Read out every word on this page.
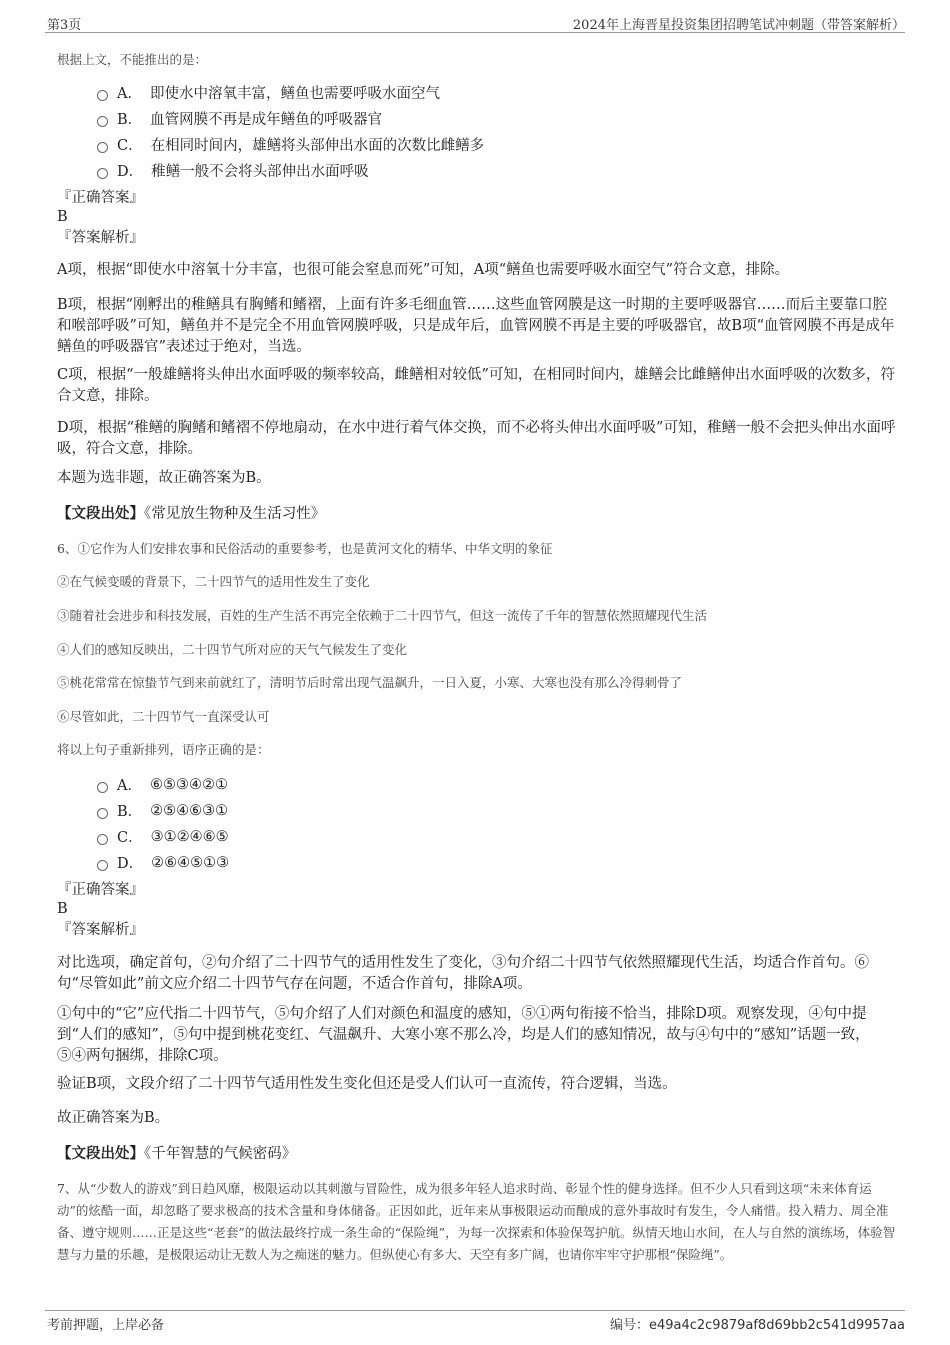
第3页	2024年上海晋星投资集团招聘笔试冲刺题（带答案解析）
根据上文，不能推出的是：
A． 即使水中溶氧丰富，鳝鱼也需要呼吸水面空气
B． 血管网膜不再是成年鳝鱼的呼吸器官
C． 在相同时间内，雄鳝将头部伸出水面的次数比雌鳝多
D． 稚鳝一般不会将头部伸出水面呼吸
『正确答案』
B
『答案解析』
A项，根据“即使水中溶氧十分丰富，也很可能会窒息而死”可知，A项“鳝鱼也需要呼吸水面空气”符合文意，排除。
B项，根据“刚孵出的稚鳝具有胸鳍和鳍褶，上面有许多毛细血管……这些血管网膜是这一时期的主要呼吸器官……而后主要靠口腔和喉部呼吸”可知，鳝鱼并不是完全不用血管网膜呼吸，只是成年后，血管网膜不再是主要的呼吸器官，故B项“血管网膜不再是成年鳝鱼的呼吸器官”表述过于绝对，当选。
C项，根据“一般雄鳝将头伸出水面呼吸的频率较高，雌鳝相对较低”可知，在相同时间内，雄鳝会比雌鳝伸出水面呼吸的次数多，符合文意，排除。
D项，根据“稚鳝的胸鳍和鳍褶不停地扇动，在水中进行着气体交换，而不必将头伸出水面呼吸”可知，稚鳝一般不会把头伸出水面呼吸，符合文意，排除。
本题为选非题，故正确答案为B。
【文段出处】《常见放生物种及生活习性》
6、①它作为人们安排农事和民俗活动的重要参考，也是黄河文化的精华、中华文明的象征
②在气候变暖的背景下，二十四节气的适用性发生了变化
③随着社会进步和科技发展，百姓的生产生活不再完全依赖于二十四节气，但这一流传了千年的智慧依然照耀现代生活
④人们的感知反映出，二十四节气所对应的天气气候发生了变化
⑤桃花常常在惊蛰节气到来前就红了，清明节后时常出现气温飙升，一日入夏，小寒、大寒也没有那么冷得刺骨了
⑥尽管如此，二十四节气一直深受认可
将以上句子重新排列，语序正确的是：
A． ⑥⑤③④②①
B． ②⑤④⑥③①
C． ③①②④⑥⑤
D． ②⑥④⑤①③
『正确答案』
B
『答案解析』
对比选项，确定首句，②句介绍了二十四节气的适用性发生了变化，③句介绍二十四节气依然照耀现代生活，均适合作首句。⑥句“尽管如此”前文应介绍二十四节气存在问题，不适合作首句，排除A项。
①句中的“它”应代指二十四节气，⑤句介绍了人们对颜色和温度的感知，⑤①两句衔接不恰当，排除D项。观察发现，④句中提到“人们的感知”，⑤句中提到桃花变红、气温飙升、大寒小寒不那么冷，均是人们的感知情况，故与④句中的“感知”话题一致，⑤④两句捆绑，排除C项。
验证B项，文段介绍了二十四节气适用性发生变化但还是受人们认可一直流传，符合逻辑，当选。
故正确答案为B。
【文段出处】《千年智慧的气候密码》
7、从“少数人的游戏”到日趋风靡，极限运动以其刺激与冒险性，成为很多年轻人追求时尚、彰显个性的健身选择。但不少人只看到这项“未来体育运动”的炫酷一面，却忽略了要求极高的技术含量和身体储备。正因如此，近年来从事极限运动而酿成的意外事故时有发生，令人痛惜。投入精力、周全准备、遵守规则……正是这些“老套”的做法最终拧成一条生命的“保险绳”，为每一次探索和体验保驾护航。纵情天地山水间，在人与自然的演练场，体验智慧与力量的乐趣，是极限运动让无数人为之痴迷的魅力。但纵使心有多大、天空有多广阔，也请你牢牢守护那根“保险绳”。
考前押题，上岸必备	编号：e49a4c2c9879af8d69bb2c541d9957aa
